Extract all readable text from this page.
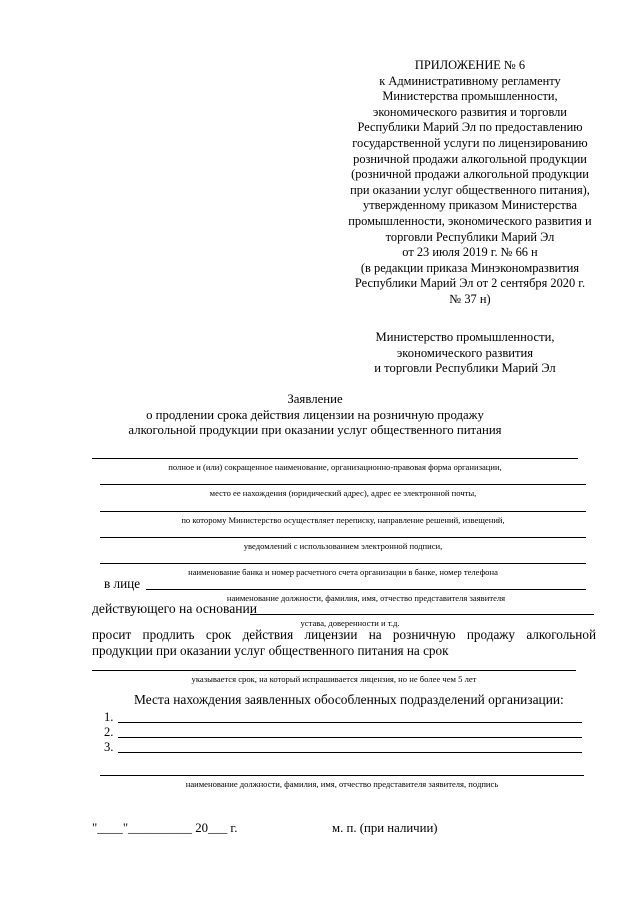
ПРИЛОЖЕНИЕ № 6
к Административному регламенту
Министерства промышленности,
экономического развития и торговли
Республики Марий Эл по предоставлению
государственной услуги по лицензированию
розничной продажи алкогольной продукции
(розничной продажи алкогольной продукции
при оказании услуг общественного питания),
утвержденному приказом Министерства
промышленности, экономического развития и
торговли Республики Марий Эл
от 23 июля 2019 г. № 66 н
(в редакции приказа Минэкономразвития
Республики Марий Эл от 2 сентября 2020 г.
№ 37 н)
Министерство промышленности,
экономического развития
и торговли Республики Марий Эл
Заявление
о продлении срока действия лицензии на розничную продажу
алкогольной продукции при оказании услуг общественного питания
полное и (или) сокращенное наименование, организационно-правовая форма организации,
место ее нахождения (юридический адрес), адрес ее электронной почты,
по которому Министерство осуществляет переписку, направление решений, извещений,
уведомлений с использованием электронной подписи,
наименование банка и номер расчетного счета организации в банке, номер телефона
в лице
наименование должности, фамилия, имя, отчество представителя заявителя
действующего на основании
устава, доверенности и т.д.
просит продлить срок действия лицензии на розничную продажу алкогольной
продукции при оказании услуг общественного питания на срок
указывается срок, на который испрашивается лицензия, но не более чем 5 лет
Места нахождения заявленных обособленных подразделений организации:
1.
2.
3.
наименование должности, фамилия, имя, отчество представителя заявителя, подпись
"____"__________ 20___ г.	м. п. (при наличии)
